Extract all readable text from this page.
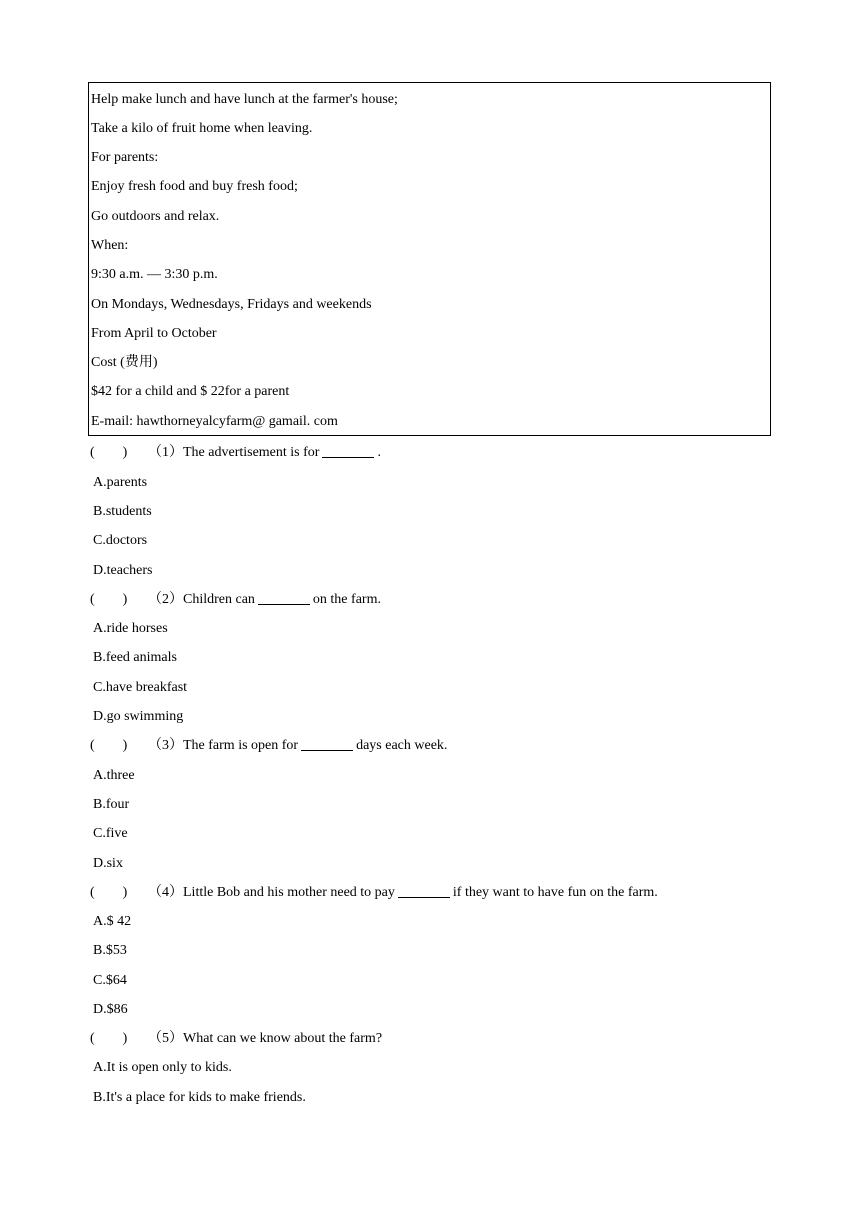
Help make lunch and have lunch at the farmer's house;
Take a kilo of fruit home when leaving.
For parents:
Enjoy fresh food and buy fresh food;
Go outdoors and relax.
When:
9:30 a.m. — 3:30 p.m.
On Mondays, Wednesdays, Fridays and weekends
From April to October
Cost (费用)
$42 for a child and $ 22for a parent
E-mail: hawthorneyalcyfarm@ gamail. com
(　　) （1）The advertisement is for	.
A.parents
B.students
C.doctors
D.teachers
(　　) （2）Children can	on the farm.
A.ride horses
B.feed animals
C.have breakfast
D.go swimming
(　　) （3）The farm is open for	days each week.
A.three
B.four
C.five
D.six
(　　) （4）Little Bob and his mother need to pay	if they want to have fun on the farm.
A.$ 42
B.$53
C.$64
D.$86
(　　) （5）What can we know about the farm?
A.It is open only to kids.
B.It's a place for kids to make friends.
